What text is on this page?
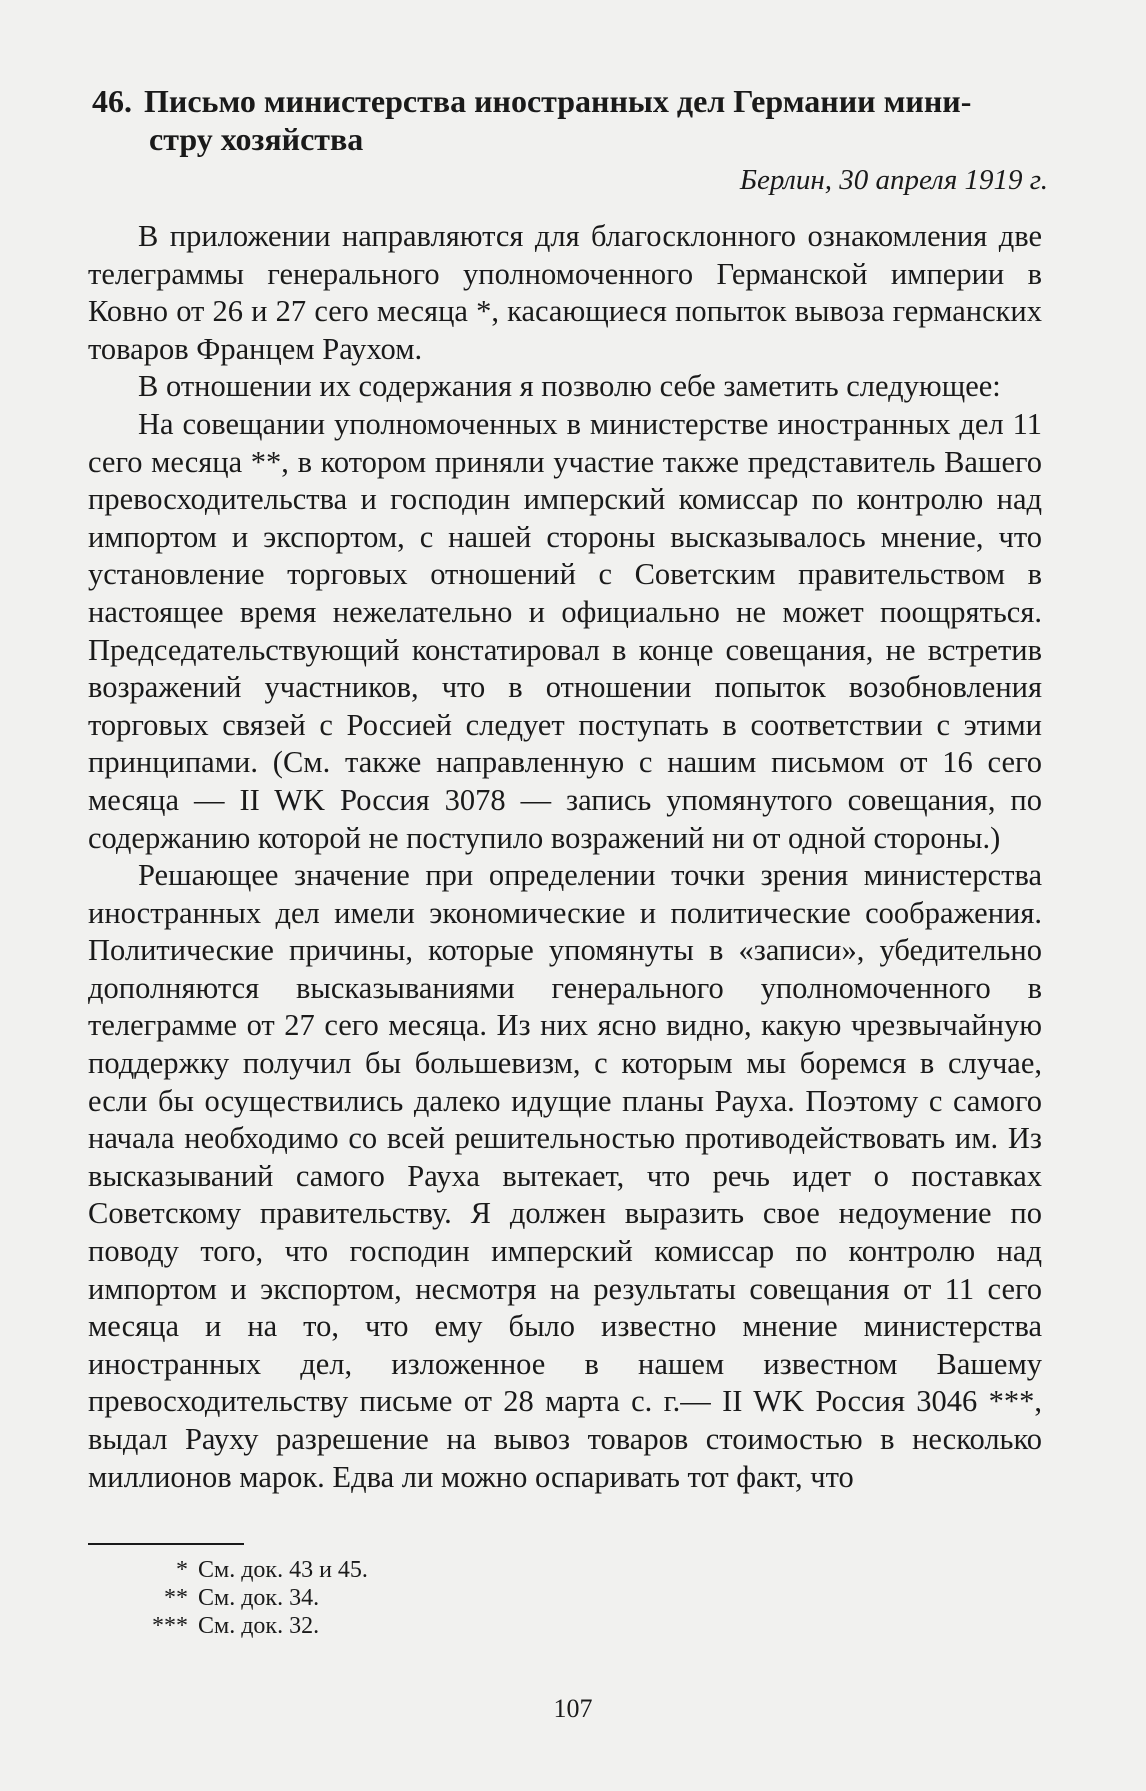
46. Письмо министерства иностранных дел Германии мини-
стру хозяйства
Берлин, 30 апреля 1919 г.

В приложении направляются для благосклонного ознакомления две телеграммы генерального уполномоченного Германской империи в Ковно от 26 и 27 сего месяца *, касающиеся попыток вывоза германских товаров Францем Раухом.

В отношении их содержания я позволю себе заметить следующее:

На совещании уполномоченных в министерстве иностранных дел 11 сего месяца **, в котором приняли участие также представитель Вашего превосходительства и господин имперский комиссар по контролю над импортом и экспортом, с нашей стороны высказывалось мнение, что установление торговых отношений с Советским правительством в настоящее время нежелательно и официально не может поощряться. Председательствующий констатировал в конце совещания, не встретив возражений участников, что в отношении попыток возобновления торговых связей с Россией следует поступать в соответствии с этими принципами. (См. также направленную с нашим письмом от 16 сего месяца — II WK Россия 3078 — запись упомянутого совещания, по содержанию которой не поступило возражений ни от одной стороны.)

Решающее значение при определении точки зрения министерства иностранных дел имели экономические и политические соображения. Политические причины, которые упомянуты в «записи», убедительно дополняются высказываниями генерального уполномоченного в телеграмме от 27 сего месяца. Из них ясно видно, какую чрезвычайную поддержку получил бы большевизм, с которым мы боремся в случае, если бы осуществились далеко идущие планы Рауха. Поэтому с самого начала необходимо со всей решительностью противодействовать им. Из высказываний самого Рауха вытекает, что речь идет о поставках Советскому правительству. Я должен выразить свое недоумение по поводу того, что господин имперский комиссар по контролю над импортом и экспортом, несмотря на результаты совещания от 11 сего месяца и на то, что ему было известно мнение министерства иностранных дел, изложенное в нашем известном Вашему превосходительству письме от 28 марта с. г.— II WK Россия 3046 ***, выдал Рауху разрешение на вывоз товаров стоимостью в несколько миллионов марок. Едва ли можно оспаривать тот факт, что

* См. док. 43 и 45.
** См. док. 34.
*** См. док. 32.
107
